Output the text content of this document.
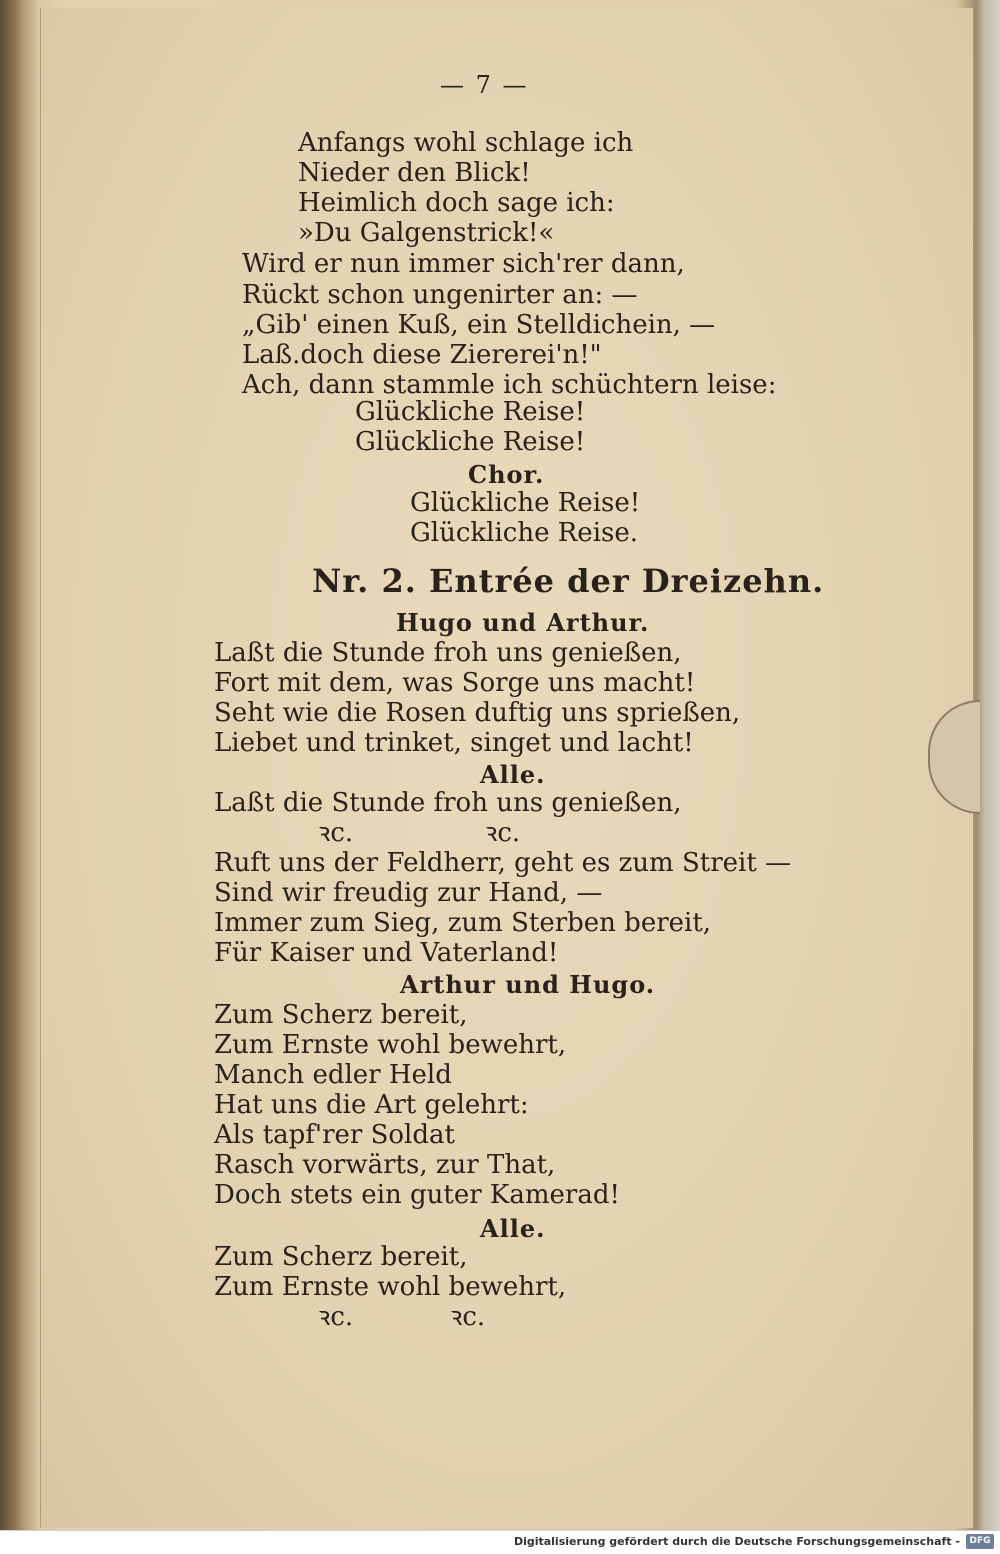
— 7 —
Anfangs wohl schlage ich
Nieder den Blick!
Heimlich doch sage ich:
»Du Galgenstrick!«
Wird er nun immer sich'rer dann,
Rückt schon ungenirter an: —
„Gib' einen Kuß, ein Stelldichein, —
Laß.doch diese Ziererei'n!"
Ach, dann stammle ich schüchtern leise:
Glückliche Reise!
Glückliche Reise!
Chor.
Glückliche Reise!
Glückliche Reise.
Nr. 2. Entrée der Dreizehn.
Hugo und Arthur.
Laßt die Stunde froh uns genießen,
Fort mit dem, was Sorge uns macht!
Seht wie die Rosen duftig uns sprießen,
Liebet und trinket, singet und lacht!
Alle.
Laßt die Stunde froh uns genießen,
ꝛc.	ꝛc.
Ruft uns der Feldherr, geht es zum Streit —
Sind wir freudig zur Hand, —
Immer zum Sieg, zum Sterben bereit,
Für Kaiser und Vaterland!
Arthur und Hugo.
Zum Scherz bereit,
Zum Ernste wohl bewehrt,
Manch edler Held
Hat uns die Art gelehrt:
Als tapf'rer Soldat
Rasch vorwärts, zur That,
Doch stets ein guter Kamerad!
Alle.
Zum Scherz bereit,
Zum Ernste wohl bewehrt,
ꝛc.	ꝛc.
Digitalisierung gefördert durch die Deutsche Forschungsgemeinschaft -	DFG
